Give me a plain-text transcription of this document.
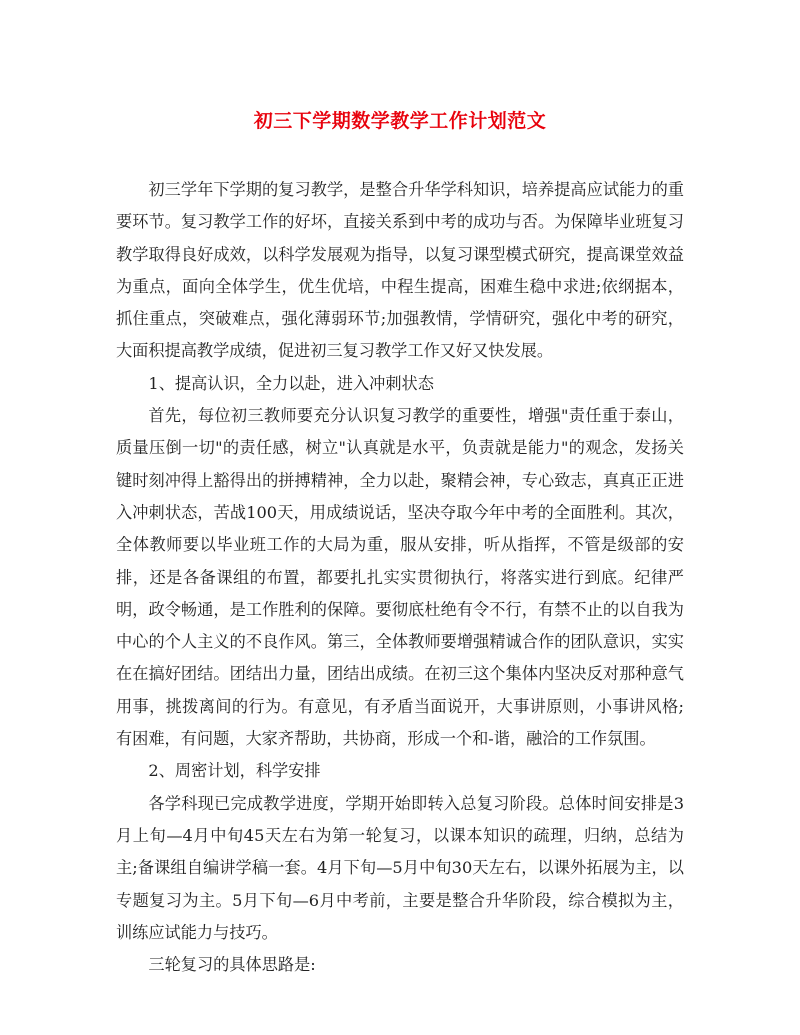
初三下学期数学教学工作计划范文

初三学年下学期的复习教学，是整合升华学科知识，培养提高应试能力的重要环节。复习教学工作的好坏，直接关系到中考的成功与否。为保障毕业班复习教学取得良好成效，以科学发展观为指导，以复习课型模式研究，提高课堂效益为重点，面向全体学生，优生优培，中程生提高，困难生稳中求进;依纲据本，抓住重点，突破难点，强化薄弱环节;加强教情，学情研究，强化中考的研究，大面积提高教学成绩，促进初三复习教学工作又好又快发展。

1、提高认识，全力以赴，进入冲刺状态

首先，每位初三教师要充分认识复习教学的重要性，增强"责任重于泰山，质量压倒一切"的责任感，树立"认真就是水平，负责就是能力"的观念，发扬关键时刻冲得上豁得出的拼搏精神，全力以赴，聚精会神，专心致志，真真正正进入冲刺状态，苦战100天，用成绩说话，坚决夺取今年中考的全面胜利。其次，全体教师要以毕业班工作的大局为重，服从安排，听从指挥，不管是级部的安排，还是各备课组的布置，都要扎扎实实贯彻执行，将落实进行到底。纪律严明，政令畅通，是工作胜利的保障。要彻底杜绝有令不行，有禁不止的以自我为中心的个人主义的不良作风。第三，全体教师要增强精诚合作的团队意识，实实在在搞好团结。团结出力量，团结出成绩。在初三这个集体内坚决反对那种意气用事，挑拨离间的行为。有意见，有矛盾当面说开，大事讲原则，小事讲风格;有困难，有问题，大家齐帮助，共协商，形成一个和-谐，融洽的工作氛围。

2、周密计划，科学安排

各学科现已完成教学进度，学期开始即转入总复习阶段。总体时间安排是3月上旬—4月中旬45天左右为第一轮复习，以课本知识的疏理，归纳，总结为主;备课组自编讲学稿一套。4月下旬—5月中旬30天左右，以课外拓展为主，以专题复习为主。5月下旬—6月中考前，主要是整合升华阶段，综合模拟为主，训练应试能力与技巧。

三轮复习的具体思路是:
